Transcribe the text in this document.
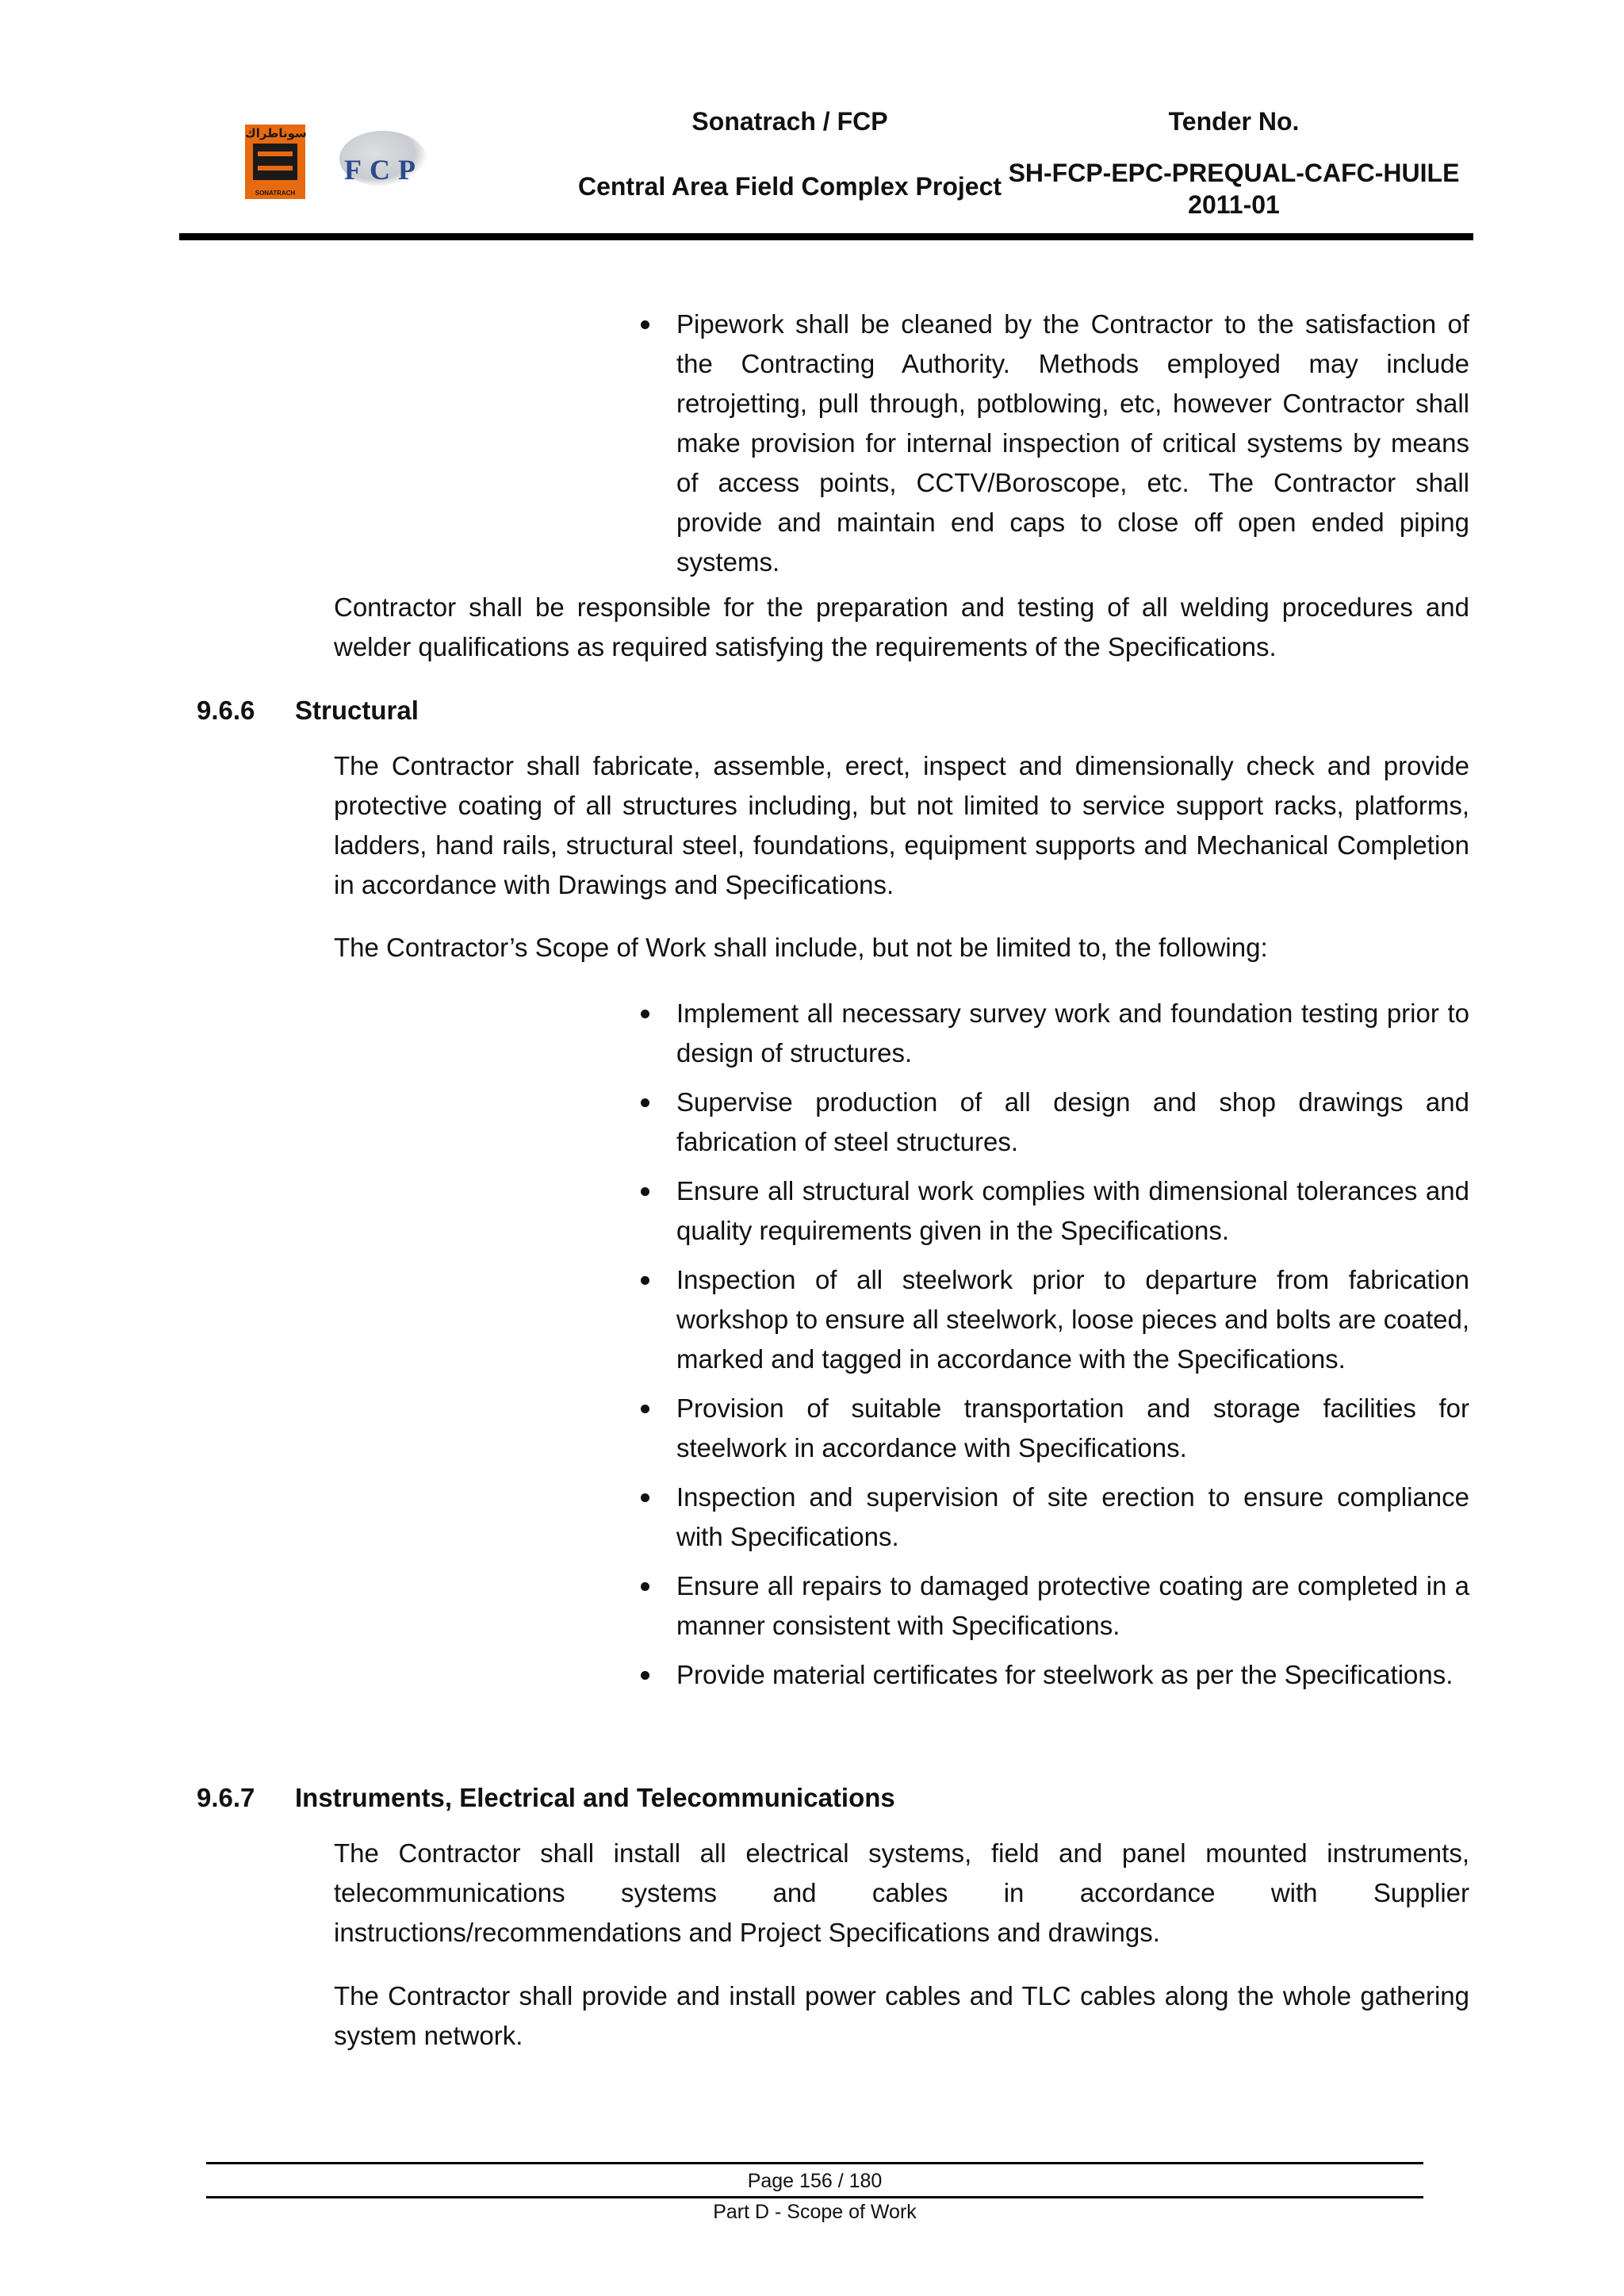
سوناطراك
SONATRACH
FCP
Sonatrach / FCP
Central Area Field Complex Project
Tender No.
SH-FCP-EPC-PREQUAL-CAFC-HUILE 2011-01
Pipework shall be cleaned by the Contractor to the satisfaction of the Contracting Authority. Methods employed may include retrojetting, pull through, potblowing, etc, however Contractor shall make provision for internal inspection of critical systems by means of access points, CCTV/Boroscope, etc. The Contractor shall provide and maintain end caps to close off open ended piping systems.
Contractor shall be responsible for the preparation and testing of all welding procedures and welder qualifications as required satisfying the requirements of the Specifications.
9.6.6 Structural
The Contractor shall fabricate, assemble, erect, inspect and dimensionally check and provide protective coating of all structures including, but not limited to service support racks, platforms, ladders, hand rails, structural steel, foundations, equipment supports and Mechanical Completion in accordance with Drawings and Specifications.
The Contractor’s Scope of Work shall include, but not be limited to, the following:
Implement all necessary survey work and foundation testing prior to design of structures.
Supervise production of all design and shop drawings and fabrication of steel structures.
Ensure all structural work complies with dimensional tolerances and quality requirements given in the Specifications.
Inspection of all steelwork prior to departure from fabrication workshop to ensure all steelwork, loose pieces and bolts are coated, marked and tagged in accordance with the Specifications.
Provision of suitable transportation and storage facilities for steelwork in accordance with Specifications.
Inspection and supervision of site erection to ensure compliance with Specifications.
Ensure all repairs to damaged protective coating are completed in a manner consistent with Specifications.
Provide material certificates for steelwork as per the Specifications.
9.6.7 Instruments, Electrical and Telecommunications
The Contractor shall install all electrical systems, field and panel mounted instruments, telecommunications systems and cables in accordance with Supplier instructions/recommendations and Project Specifications and drawings.
The Contractor shall provide and install power cables and TLC cables along the whole gathering system network.
Page 156 / 180
Part D - Scope of Work
